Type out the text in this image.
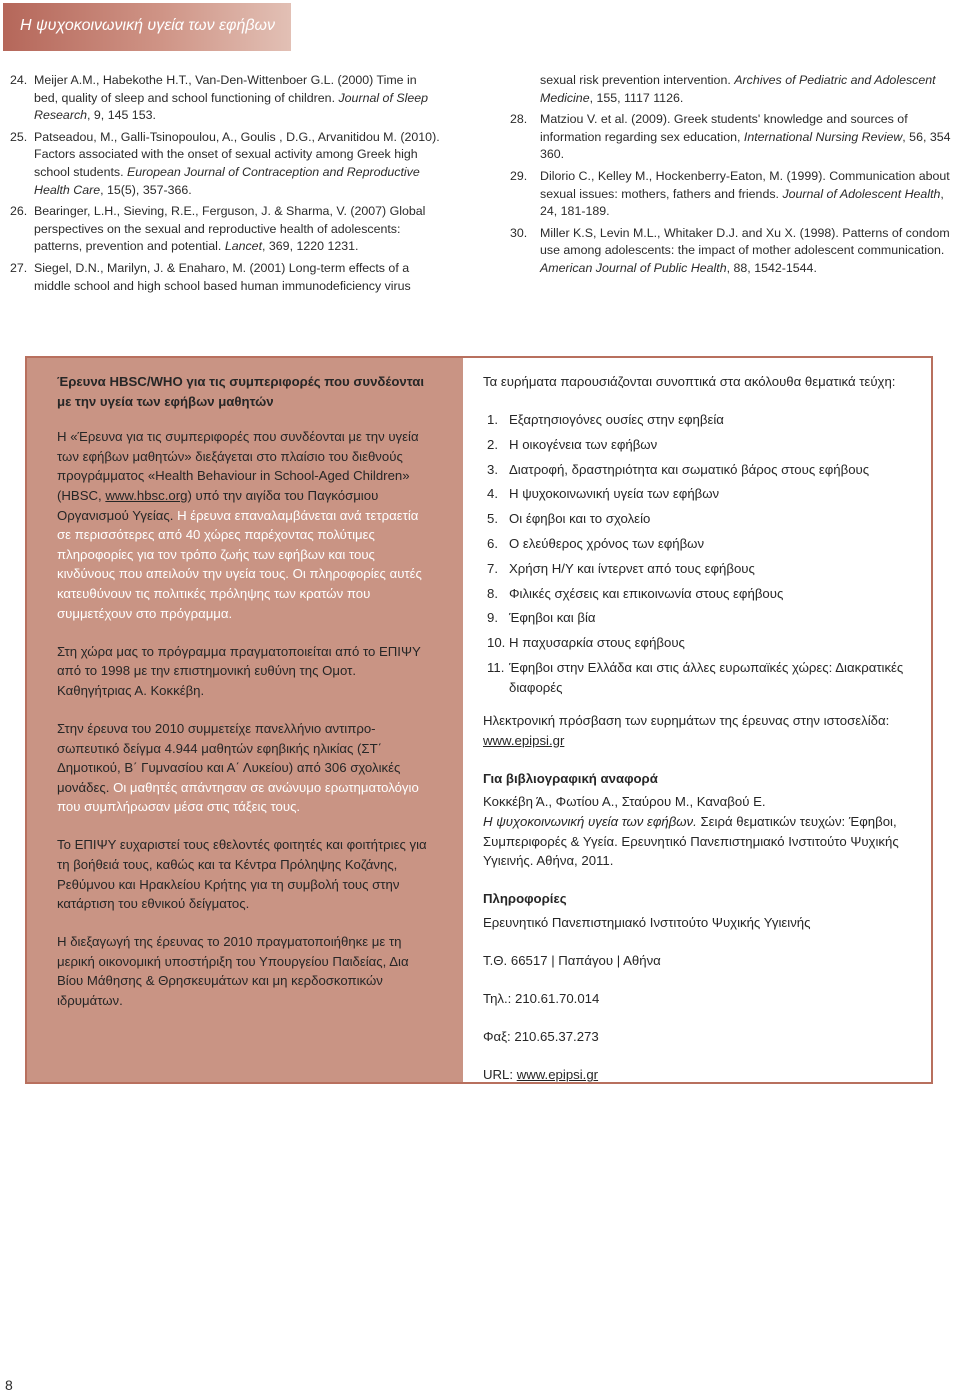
Η ψυχοκοινωνική υγεία των εφήβων
24. Meijer A.M., Habekothe H.T., Van-Den-Wittenboer G.L. (2000) Time in bed, quality of sleep and school functioning of children. Journal of Sleep Research, 9, 145 153.
25. Patseadou, M., Galli-Tsinopoulou, A., Goulis , D.G., Arvanitidou M. (2010). Factors associated with the onset of sexual activity among Greek high school students. European Journal of Contraception and Reproductive Health Care, 15(5), 357-366.
26. Bearinger, L.H., Sieving, R.E., Ferguson, J. & Sharma, V. (2007) Global perspectives on the sexual and reproductive health of adolescents: patterns, prevention and potential. Lancet, 369, 1220 1231.
27. Siegel, D.N., Marilyn, J. & Enaharo, M. (2001) Long-term effects of a middle school and high school based human immunodeficiency virus
sexual risk prevention intervention. Archives of Pediatric and Adolescent Medicine, 155, 1117 1126.
28. Matziou V. et al. (2009). Greek students' knowledge and sources of information regarding sex education, International Nursing Review, 56, 354 360.
29. Dilorio C., Kelley M., Hockenberry-Eaton, M. (1999). Communication about sexual issues: mothers, fathers and friends. Journal of Adolescent Health, 24, 181-189.
30. Miller K.S, Levin M.L., Whitaker D.J. and Xu X. (1998). Patterns of condom use among adolescents: the impact of mother adolescent communication. American Journal of Public Health, 88, 1542-1544.

Έρευνα HBSC/WHO για τις συμπεριφορές που συνδέονται με την υγεία των εφήβων μαθητών

Η «Έρευνα για τις συμπεριφορές που συνδέονται με την υγεία των εφήβων μαθητών» διεξάγεται στο πλαίσιο του διεθνούς προγράμματος «Health Behaviour in School-Aged Children» (HBSC, www.hbsc.org) υπό την αιγίδα του Παγκόσμιου Οργανισμού Υγείας. Η έρευνα επαναλαμβάνεται ανά τετραετία σε περισσότερες από 40 χώρες παρέχοντας πολύτιμες πληροφορίες για τον τρόπο ζωής των εφήβων και τους κινδύνους που απειλούν την υγεία τους. Οι πληροφορίες αυτές κατευθύνουν τις πολιτικές πρόληψης των κρατών που συμμετέχουν στο πρόγραμμα.

Στη χώρα μας το πρόγραμμα πραγματοποιείται από το ΕΠΙΨΥ από το 1998 με την επιστημονική ευθύνη της Ομοτ. Καθηγήτριας Α. Κοκκέβη.

Στην έρευνα του 2010 συμμετείχε πανελλήνιο αντιπρο-σωπευτικό δείγμα 4.944 μαθητών εφηβικής ηλικίας (ΣΤ΄ Δημοτικού, Β΄ Γυμνασίου και Α΄ Λυκείου) από 306 σχολικές μονάδες. Οι μαθητές απάντησαν σε ανώνυμο ερωτηματολόγιο που συμπλήρωσαν μέσα στις τάξεις τους.

Το ΕΠΙΨΥ ευχαριστεί τους εθελοντές φοιτητές και φοιτήτριες για τη βοήθειά τους, καθώς και τα Κέντρα Πρόληψης Κοζάνης, Ρεθύμνου και Ηρακλείου Κρήτης για τη συμβολή τους στην κατάρτιση του εθνικού δείγματος.

Η διεξαγωγή της έρευνας το 2010 πραγματοποιήθηκε με τη μερική οικονομική υποστήριξη του Υπουργείου Παιδείας, Δια Βίου Μάθησης & Θρησκευμάτων και μη κερδοσκοπικών ιδρυμάτων.

Τα ευρήματα παρουσιάζονται συνοπτικά στα ακόλουθα θεματικά τεύχη:

1. Εξαρτησιογόνες ουσίες στην εφηβεία
2. Η οικογένεια των εφήβων
3. Διατροφή, δραστηριότητα και σωματικό βάρος στους εφήβους
4. Η ψυχοκοινωνική υγεία των εφήβων
5. Οι έφηβοι και το σχολείο
6. Ο ελεύθερος χρόνος των εφήβων
7. Χρήση Η/Υ και ίντερνετ από τους εφήβους
8. Φιλικές σχέσεις και επικοινωνία στους εφήβους
9. Έφηβοι και βία
10. Η παχυσαρκία στους εφήβους
11. Έφηβοι στην Ελλάδα και στις άλλες ευρωπαϊκές χώρες: Διακρατικές διαφορές

Ηλεκτρονική πρόσβαση των ευρημάτων της έρευνας στην ιστοσελίδα: www.epipsi.gr

Για βιβλιογραφική αναφορά

Κοκκέβη Ά., Φωτίου Α., Σταύρου Μ., Καναβού Ε.
Η ψυχοκοινωνική υγεία των εφήβων. Σειρά θεματικών τευχών: Έφηβοι, Συμπεριφορές & Υγεία. Ερευνητικό Πανεπιστημιακό Ινστιτούτο Ψυχικής Υγιεινής. Αθήνα, 2011.

Πληροφορίες

Ερευνητικό Πανεπιστημιακό Ινστιτούτο Ψυχικής Υγιεινής

Τ.Θ. 66517 | Παπάγου | Αθήνα

Τηλ.: 210.61.70.014

Φαξ: 210.65.37.273

URL: www.epipsi.gr

8
